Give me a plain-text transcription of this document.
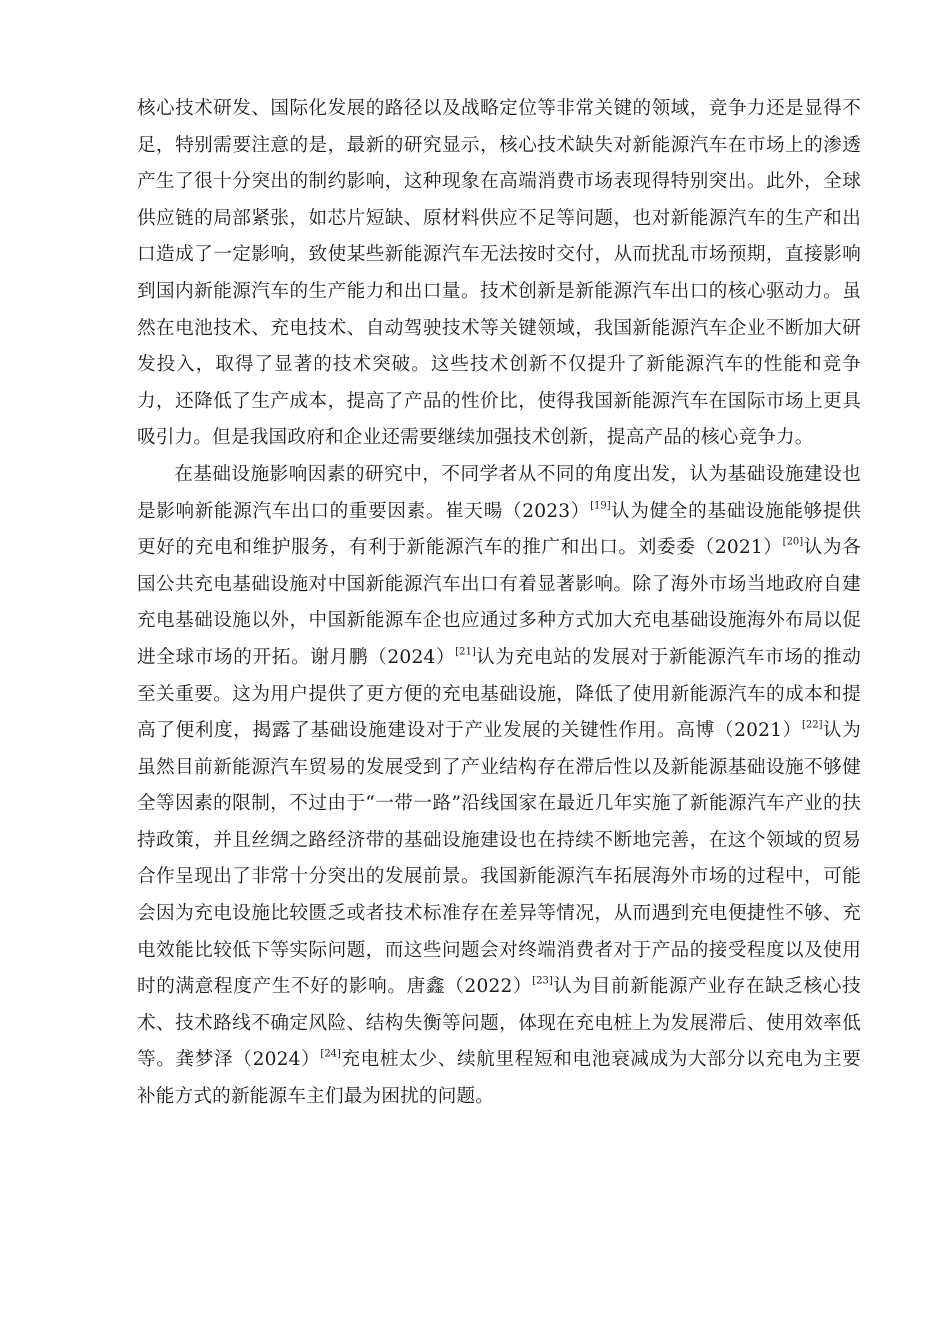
核心技术研发、国际化发展的路径以及战略定位等非常关键的领域，竞争力还是显得不足，特别需要注意的是，最新的研究显示，核心技术缺失对新能源汽车在市场上的渗透产生了很十分突出的制约影响，这种现象在高端消费市场表现得特别突出。此外，全球供应链的局部紧张，如芯片短缺、原材料供应不足等问题，也对新能源汽车的生产和出口造成了一定影响，致使某些新能源汽车无法按时交付，从而扰乱市场预期，直接影响到国内新能源汽车的生产能力和出口量。技术创新是新能源汽车出口的核心驱动力。虽然在电池技术、充电技术、自动驾驶技术等关键领域，我国新能源汽车企业不断加大研发投入，取得了显著的技术突破。这些技术创新不仅提升了新能源汽车的性能和竞争力，还降低了生产成本，提高了产品的性价比，使得我国新能源汽车在国际市场上更具吸引力。但是我国政府和企业还需要继续加强技术创新，提高产品的核心竞争力。

在基础设施影响因素的研究中，不同学者从不同的角度出发，认为基础设施建设也是影响新能源汽车出口的重要因素。崔天暘（2023）[19]认为健全的基础设施能够提供更好的充电和维护服务，有利于新能源汽车的推广和出口。刘委委（2021）[20]认为各国公共充电基础设施对中国新能源汽车出口有着显著影响。除了海外市场当地政府自建充电基础设施以外，中国新能源车企也应通过多种方式加大充电基础设施海外布局以促进全球市场的开拓。谢月鹏（2024）[21]认为充电站的发展对于新能源汽车市场的推动至关重要。这为用户提供了更方便的充电基础设施，降低了使用新能源汽车的成本和提高了便利度，揭露了基础设施建设对于产业发展的关键性作用。高博（2021）[22]认为虽然目前新能源汽车贸易的发展受到了产业结构存在滞后性以及新能源基础设施不够健全等因素的限制，不过由于“一带一路”沿线国家在最近几年实施了新能源汽车产业的扶持政策，并且丝绸之路经济带的基础设施建设也在持续不断地完善，在这个领域的贸易合作呈现出了非常十分突出的发展前景。我国新能源汽车拓展海外市场的过程中，可能会因为充电设施比较匮乏或者技术标准存在差异等情况，从而遇到充电便捷性不够、充电效能比较低下等实际问题，而这些问题会对终端消费者对于产品的接受程度以及使用时的满意程度产生不好的影响。唐鑫（2022）[23]认为目前新能源产业存在缺乏核心技术、技术路线不确定风险、结构失衡等问题，体现在充电桩上为发展滞后、使用效率低等。龚梦泽（2024）[24]充电桩太少、续航里程短和电池衰减成为大部分以充电为主要补能方式的新能源车主们最为困扰的问题。
